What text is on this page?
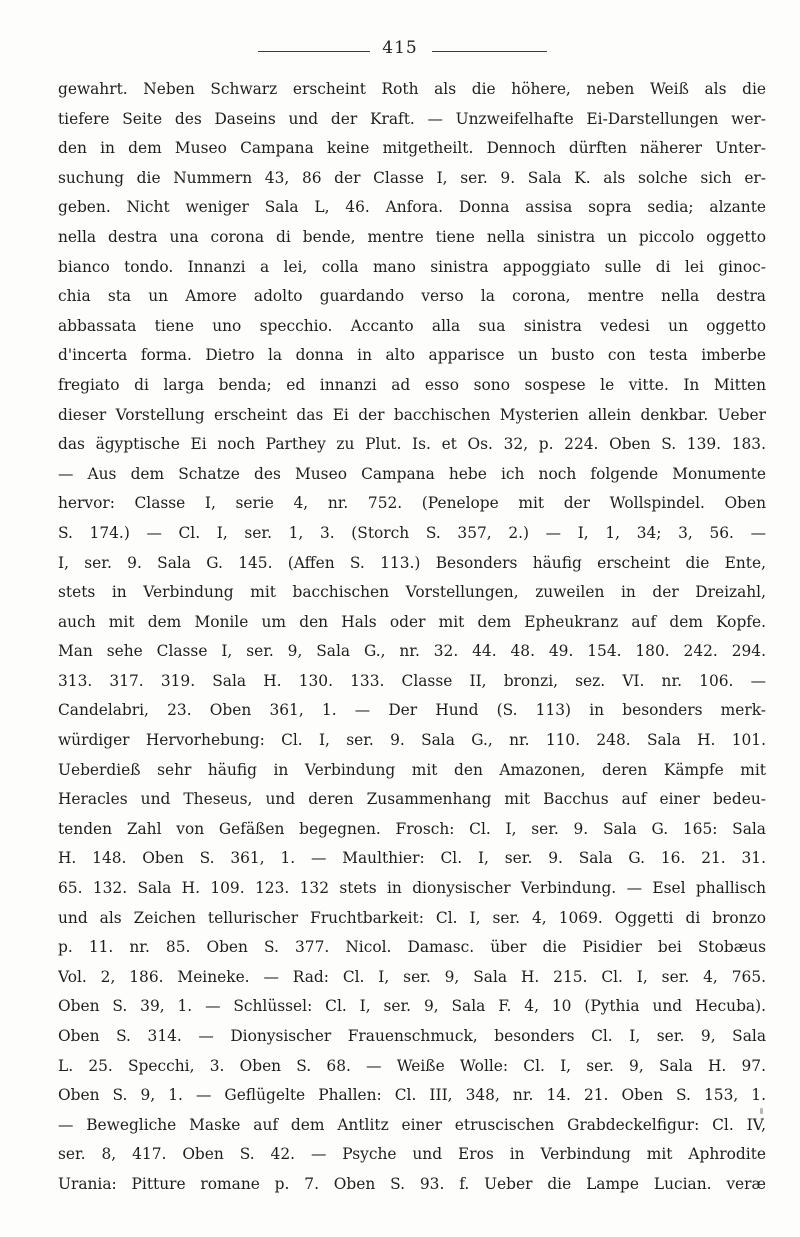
415
gewahrt. Neben Schwarz erscheint Roth als die höhere, neben Weiß als die
tiefere Seite des Daseins und der Kraft. — Unzweifelhafte Ei-Darstellungen wer-
den in dem Museo Campana keine mitgetheilt. Dennoch dürften näherer Unter-
suchung die Nummern 43, 86 der Classe I, ser. 9. Sala K. als solche sich er-
geben. Nicht weniger Sala L, 46. Anfora. Donna assisa sopra sedia; alzante
nella destra una corona di bende, mentre tiene nella sinistra un piccolo oggetto
bianco tondo. Innanzi a lei, colla mano sinistra appoggiato sulle di lei ginoc-
chia sta un Amore adolto guardando verso la corona, mentre nella destra
abbassata tiene uno specchio. Accanto alla sua sinistra vedesi un oggetto
d'incerta forma. Dietro la donna in alto apparisce un busto con testa imberbe
fregiato di larga benda; ed innanzi ad esso sono sospese le vitte. In Mitten
dieser Vorstellung erscheint das Ei der bacchischen Mysterien allein denkbar. Ueber
das ägyptische Ei noch Parthey zu Plut. Is. et Os. 32, p. 224. Oben S. 139. 183.
— Aus dem Schatze des Museo Campana hebe ich noch folgende Monumente
hervor: Classe I, serie 4, nr. 752. (Penelope mit der Wollspindel. Oben
S. 174.) — Cl. I, ser. 1, 3. (Storch S. 357, 2.) — I, 1, 34; 3, 56. —
I, ser. 9. Sala G. 145. (Affen S. 113.) Besonders häufig erscheint die Ente,
stets in Verbindung mit bacchischen Vorstellungen, zuweilen in der Dreizahl,
auch mit dem Monile um den Hals oder mit dem Epheukranz auf dem Kopfe.
Man sehe Classe I, ser. 9, Sala G., nr. 32. 44. 48. 49. 154. 180. 242. 294.
313. 317. 319. Sala H. 130. 133. Classe II, bronzi, sez. VI. nr. 106. —
Candelabri, 23. Oben 361, 1. — Der Hund (S. 113) in besonders merk-
würdiger Hervorhebung: Cl. I, ser. 9. Sala G., nr. 110. 248. Sala H. 101.
Ueberdieß sehr häufig in Verbindung mit den Amazonen, deren Kämpfe mit
Heracles und Theseus, und deren Zusammenhang mit Bacchus auf einer bedeu-
tenden Zahl von Gefäßen begegnen. Frosch: Cl. I, ser. 9. Sala G. 165: Sala
H. 148. Oben S. 361, 1. — Maulthier: Cl. I, ser. 9. Sala G. 16. 21. 31.
65. 132. Sala H. 109. 123. 132 stets in dionysischer Verbindung. — Esel phallisch
und als Zeichen tellurischer Fruchtbarkeit: Cl. I, ser. 4, 1069. Oggetti di bronzo
p. 11. nr. 85. Oben S. 377. Nicol. Damasc. über die Pisidier bei Stobæus
Vol. 2, 186. Meineke. — Rad: Cl. I, ser. 9, Sala H. 215. Cl. I, ser. 4, 765.
Oben S. 39, 1. — Schlüssel: Cl. I, ser. 9, Sala F. 4, 10 (Pythia und Hecuba).
Oben S. 314. — Dionysischer Frauenschmuck, besonders Cl. I, ser. 9, Sala
L. 25. Specchi, 3. Oben S. 68. — Weiße Wolle: Cl. I, ser. 9, Sala H. 97.
Oben S. 9, 1. — Geflügelte Phallen: Cl. III, 348, nr. 14. 21. Oben S. 153, 1.
— Bewegliche Maske auf dem Antlitz einer etruscischen Grabdeckelfigur: Cl. IV,
ser. 8, 417. Oben S. 42. — Psyche und Eros in Verbindung mit Aphrodite
Urania: Pitture romane p. 7. Oben S. 93. f. Ueber die Lampe Lucian. veræ
